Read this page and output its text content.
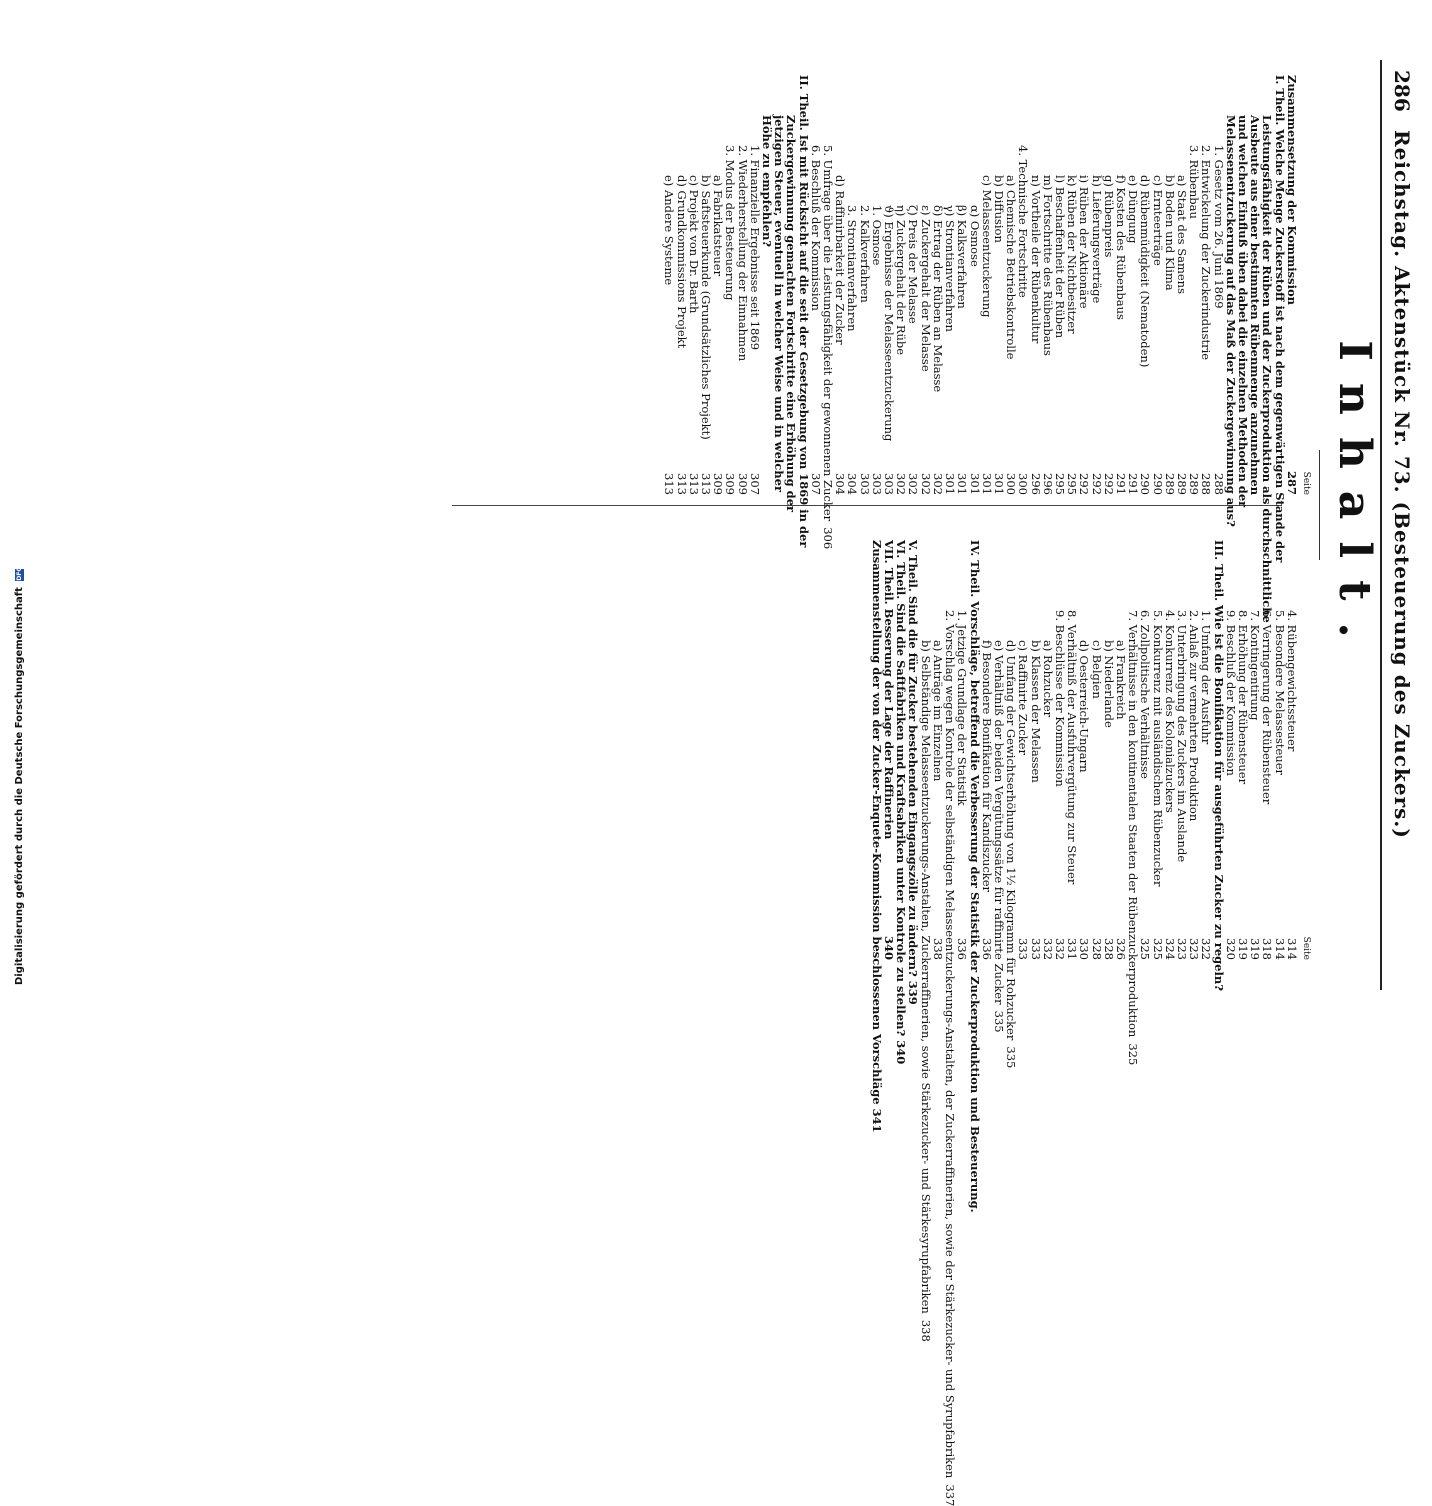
286
Reichstag. Aktenstück Nr. 73. (Besteuerung des Zuckers.)
Inhalt.
Seite
Zusammensetzung der Kommission
287
I. Theil. Welche Menge Zuckerstoff ist nach dem gegenwärtigen Stande der
Leistungsfähigkeit der Rüben und der Zuckerproduktion als durchschnittliche
Ausbeute aus einer bestimmten Rübenmenge anzunehmen
und welchen Einfluß üben dabei die einzelnen Methoden der
Melassenentzuckerung auf das Maß der Zuckergewinnung aus?
1. Gesetz vom 26. Juni 1869
288
2. Entwickelung der Zuckerindustrie
288
3. Rübenbau
289
a) Staat des Samens
289
b) Boden und Klima
289
c) Ernteerträge
290
d) Rübenmüdigkeit (Nematoden)
290
e) Düngung
291
f) Kosten des Rübenbaus
291
g) Rübenpreis
292
h) Lieferungsverträge
292
i) Rüben der Aktionäre
292
k) Rüben der Nichtbesitzer
295
l) Beschaffenheit der Rüben
295
m) Fortschritte des Rübenbaus
296
n) Vortheile der Rübenkultur
296
4. Technische Fortschritte
300
a) Chemische Betriebskontrolle
300
b) Diffusion
301
c) Melasseentzuckerung
301
α) Osmose
301
β) Kalksverfahren
301
γ) Strontianverfahren
301
δ) Ertrag der Rüben an Melasse
302
ε) Zuckergehalt der Melasse
302
ζ) Preis der Melasse
302
η) Zuckergehalt der Rübe
302
ϑ) Ergebnisse der Melasseentzuckerung
303
1. Osmose
303
2. Kalkverfahren
303
3. Strontianverfahren
304
d) Raffinirbarkeit der Zucker
304
5. Umfrage über die Leistungsfähigkeit der gewonnenen Zucker
306
6. Beschluß der Kommission
307
II. Theil. Ist mit Rücksicht auf die seit der Gesetzgebung von 1869 in der
Zuckergewinnung gemachten Fortschritte eine Erhöhung der
jetzigen Steuer, eventuell in welcher Weise und in welcher
Höhe zu empfehlen?
1. Finanzielle Ergebnisse seit 1869
307
2. Wiederherstellung der Einnahmen
309
3. Modus der Besteuerung
309
a) Fabrikatsteuer
309
b) Saftsteuerkunde (Grundsätzliches Projekt)
313
c) Projekt von Dr. Barth
313
d) Grundkommissions Projekt
313
e) Andere Systeme
313
Seite
4. Rübengewichtssteuer
314
5. Besondere Melassesteuer
314
6. Verringerung der Rübensteuer
318
7. Kontingentirung
319
8. Erhöhung der Rübensteuer
319
9. Beschluß der Kommission
320
III. Theil. Wie ist die Bonifikation für ausgeführten Zucker zu regeln?
1. Umfang der Ausfuhr
322
2. Anlaß zur vermehrten Produktion
323
3. Unterbringung des Zuckers im Auslande
323
4. Konkurrenz des Kolonialzuckers
324
5. Konkurrenz mit ausländischem Rübenzucker
325
6. Zollpolitische Verhältnisse
325
7. Verhältnisse in den kontinentalen Staaten der Rübenzuckerproduktion
325
a) Frankreich
326
b) Niederlande
328
c) Belgien
328
d) Oesterreich-Ungarn
330
8. Verhältniß der Ausfuhrvergütung zur Steuer
331
9. Beschlüsse der Kommission
332
a) Rohzucker
332
b) Klassen der Melassen
333
c) Raffinirte Zucker
333
d) Umfang der Gewichtserhöhung von 1½ Kilogramm für Rohzucker
335
e) Verhältniß der beiden Vergütungssätze für raffinirte Zucker
335
f) Besondere Bonifikation für Kandiszucker
336
IV. Theil. Vorschläge, betreffend die Verbesserung der Statistik der Zuckerproduktion und Besteuerung.
1. Jetzige Grundlage der Statistik
336
2. Vorschlag wegen Kontrole der selbständigen Melasseentzuckerungs-Anstalten, der Zuckerraffinerien, sowie der Stärkezucker- und Syrupfabriken
337
a) Anträge im Einzelnen
338
b) Selbständige Melasseentzuckerungs-Anstalten, Zuckerraffinerien, sowie Stärkezucker- und Stärkesyrupfabriken
338
V. Theil. Sind die für Zucker bestehenden Eingangszölle zu ändern?
339
VI. Theil. Sind die Saftfabriken und Kraftsabriken unter Kontrole zu stellen?
340
VII. Theil. Besserung der Lage der Raffinerien
340
Zusammenstellung der von der Zucker-Enquete-Kommission beschlossenen Vorschläge
341
Digitalisierung gefördert durch die Deutsche Forschungsgemeinschaft DFG
